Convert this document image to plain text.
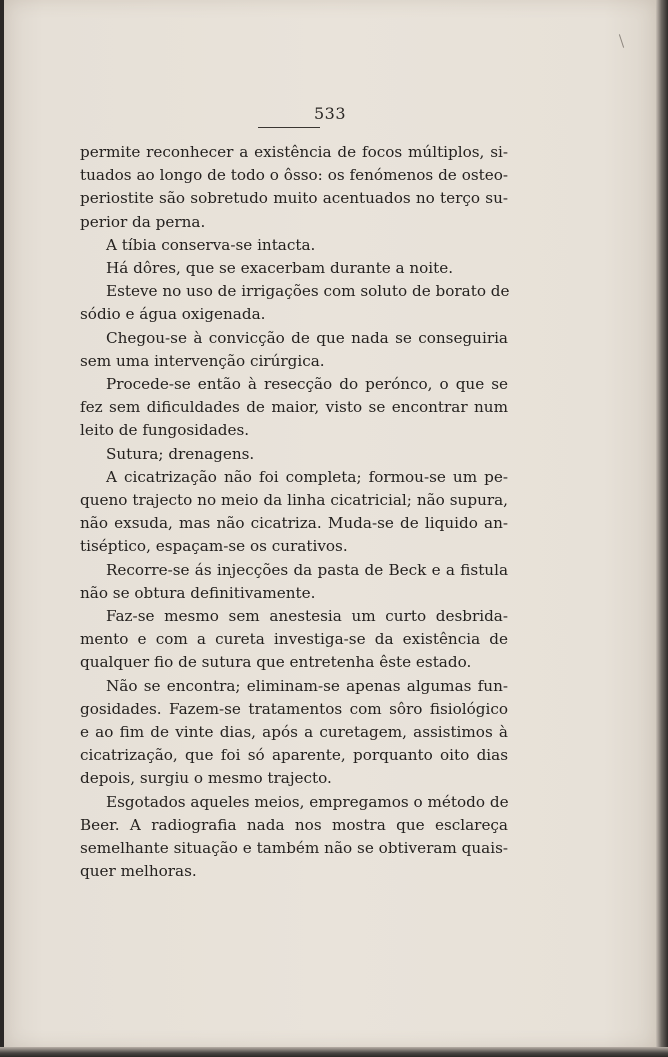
533
permite reconhecer a existência de focos múltiplos, si-
tuados ao longo de todo o ôsso: os fenómenos de osteo-
periostite são sobretudo muito acentuados no terço su-
perior da perna.
A tíbia conserva-se intacta.
Há dôres, que se exacerbam durante a noite.
Esteve no uso de irrigações com soluto de borato de
sódio e água oxigenada.
Chegou-se à convicção de que nada se conseguiria
sem uma intervenção cirúrgica.
Procede-se então à resecção do perónco, o que se
fez sem dificuldades de maior, visto se encontrar num
leito de fungosidades.
Sutura; drenagens.
A cicatrização não foi completa; formou-se um pe-
queno trajecto no meio da linha cicatricial; não supura,
não exsuda, mas não cicatriza. Muda-se de liquido an-
tiséptico, espaçam-se os curativos.
Recorre-se ás injecções da pasta de Beck e a fistula
não se obtura definitivamente.
Faz-se mesmo sem anestesia um curto desbrida-
mento e com a cureta investiga-se da existência de
qualquer fio de sutura que entretenha êste estado.
Não se encontra; eliminam-se apenas algumas fun-
gosidades. Fazem-se tratamentos com sôro fisiológico
e ao fim de vinte dias, após a curetagem, assistimos à
cicatrização, que foi só aparente, porquanto oito dias
depois, surgiu o mesmo trajecto.
Esgotados aqueles meios, empregamos o método de
Beer. A radiografia nada nos mostra que esclareça
semelhante situação e também não se obtiveram quais-
quer melhoras.
